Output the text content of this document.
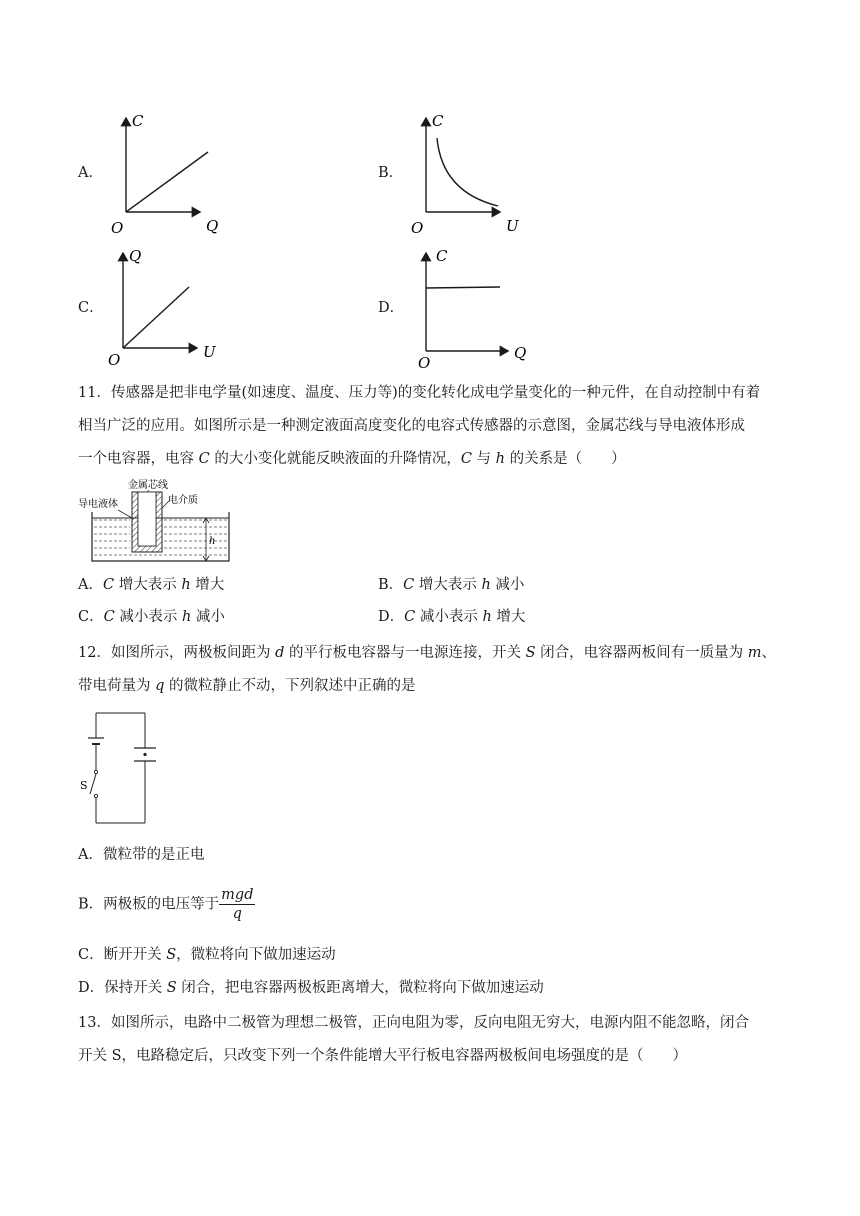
A．
C
Q
O
B．
C
U
O
C．
Q
U
O
D．
C
Q
O
11．传感器是把非电学量(如速度、温度、压力等)的变化转化成电学量变化的一种元件，在自动控制中有着
相当广泛的应用。如图所示是一种测定液面高度变化的电容式传感器的示意图，金属芯线与导电液体形成
一个电容器，电容 C 的大小变化就能反映液面的升降情况，C 与 h 的关系是（　　）
金属芯线
导电液体	电介质
h
A．C 增大表示 h 增大	B．C 增大表示 h 减小
C．C 减小表示 h 减小	D．C 减小表示 h 增大
12．如图所示，两极板间距为 d 的平行板电容器与一电源连接，开关 S 闭合，电容器两板间有一质量为 m、
带电荷量为 q 的微粒静止不动，下列叙述中正确的是
S
A．微粒带的是正电
B．两极板的电压等于 $\frac{\text{mgd}}{q}$
C．断开开关 S，微粒将向下做加速运动
D．保持开关 S 闭合，把电容器两极板距离增大，微粒将向下做加速运动
13．如图所示，电路中二极管为理想二极管，正向电阻为零，反向电阻无穷大，电源内阻不能忽略，闭合
开关 S，电路稳定后，只改变下列一个条件能增大平行板电容器两极板间电场强度的是（　　）
